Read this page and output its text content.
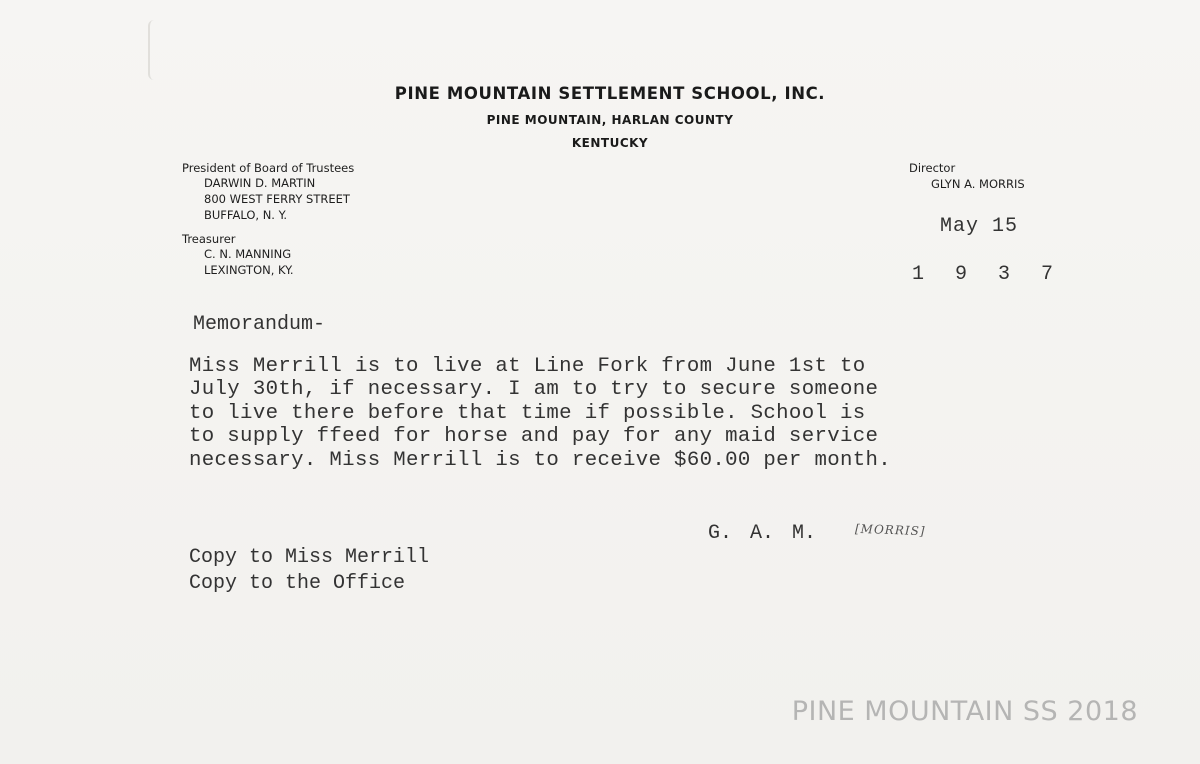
PINE MOUNTAIN SETTLEMENT SCHOOL, INC.

PINE MOUNTAIN, HARLAN COUNTY

KENTUCKY

President of Board of Trustees

DARWIN D. MARTIN

800 WEST FERRY STREET

BUFFALO, N. Y.

Treasurer

C. N. MANNING

LEXINGTON, KY.

Director

GLYN A. MORRIS

May 15

1 9 3 7

Memorandum-

Miss Merrill is to live at Line Fork from June 1st to

July 30th, if necessary. I am to try to secure someone

to live there before that time if possible. School is

to supply ffeed for horse and pay for any maid service

necessary. Miss Merrill is to receive $60.00 per month.

G. A. M.	[MORRIS]

Copy to Miss Merrill

Copy to the Office

PINE MOUNTAIN SS 2018
